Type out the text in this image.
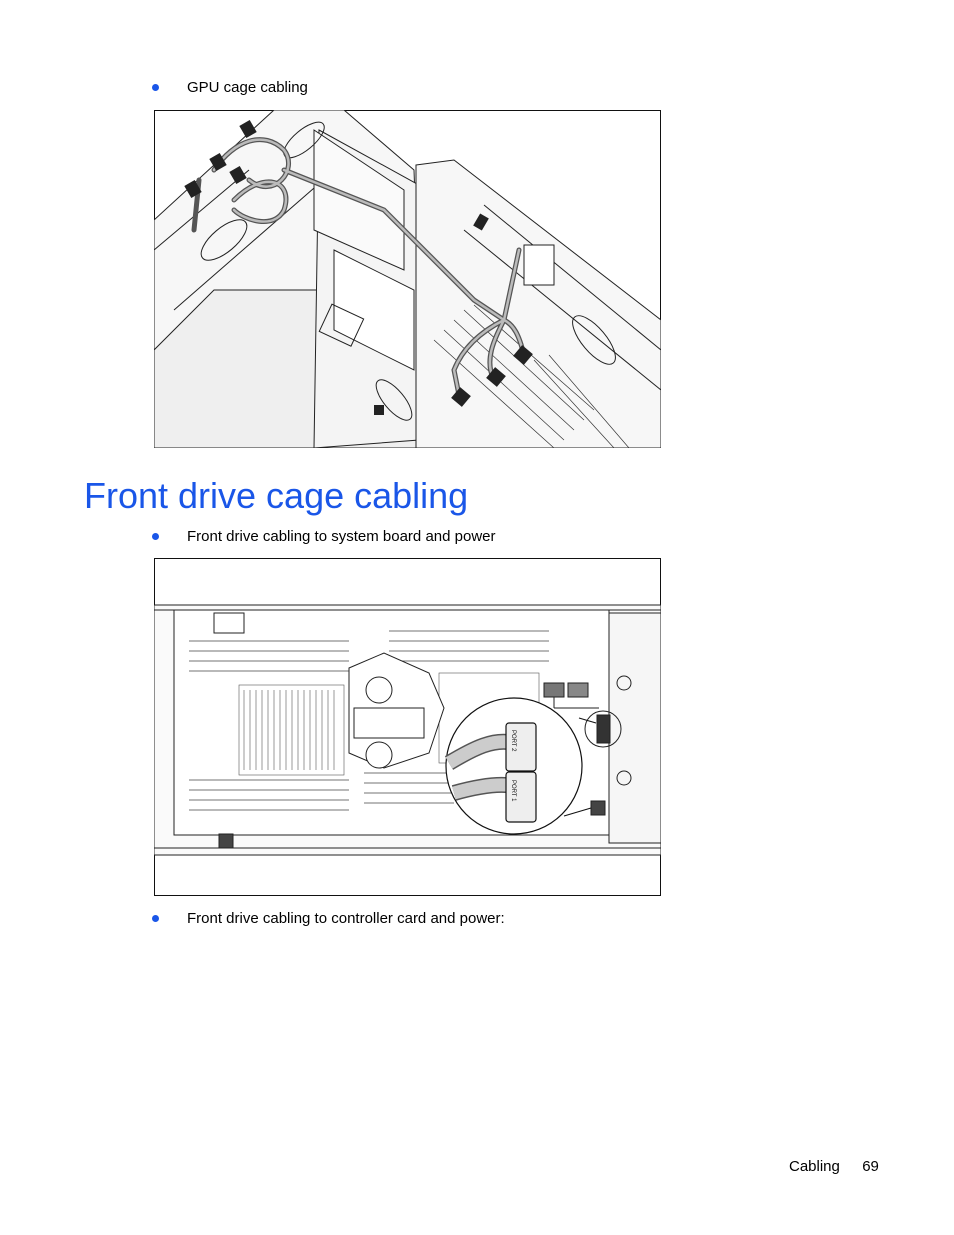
GPU cage cabling
Front drive cage cabling
Front drive cabling to system board and power
PORT 2
PORT 1
Front drive cabling to controller card and power:
Cabling 69
